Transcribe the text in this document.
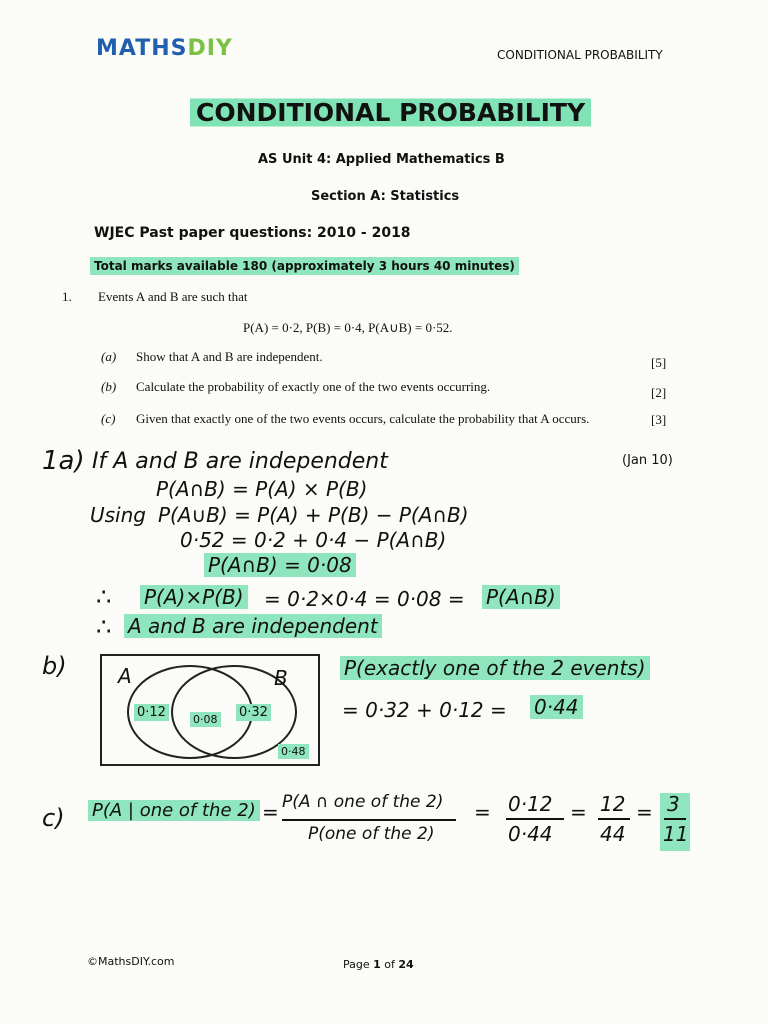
MATHSDIY	CONDITIONAL PROBABILITY
CONDITIONAL PROBABILITY
AS Unit 4: Applied Mathematics B
Section A: Statistics
WJEC Past paper questions: 2010 - 2018
Total marks available 180 (approximately 3 hours 40 minutes)
1. Events A and B are such that
P(A) = 0·2, P(B) = 0·4, P(A∪B) = 0·52.
(a) Show that A and B are independent.	[5]
(b) Calculate the probability of exactly one of the two events occurring.	[2]
(c) Given that exactly one of the two events occurs, calculate the probability that A occurs.	[3]
(Jan 10)
1a) If A and B are independent
P(A∩B) = P(A) × P(B)
Using P(A∪B) = P(A) + P(B) − P(A∩B)
0·52 = 0·2 + 0·4 − P(A∩B)
P(A∩B) = 0·08
∴ P(A)×P(B) = 0·2×0·4 = 0·08 = P(A∩B)
∴ A and B are independent
b)	A	B
0·12 0·08 0·32
0·48
P(exactly one of the 2 events)
= 0·32 + 0·12 = 0·44
c) P(A | one of the 2) = P(A ∩ one of the 2)
P(one of the 2)
= 0·12
0·44
= 12
44
= 3
11
©MathsDIY.com	Page 1 of 24
